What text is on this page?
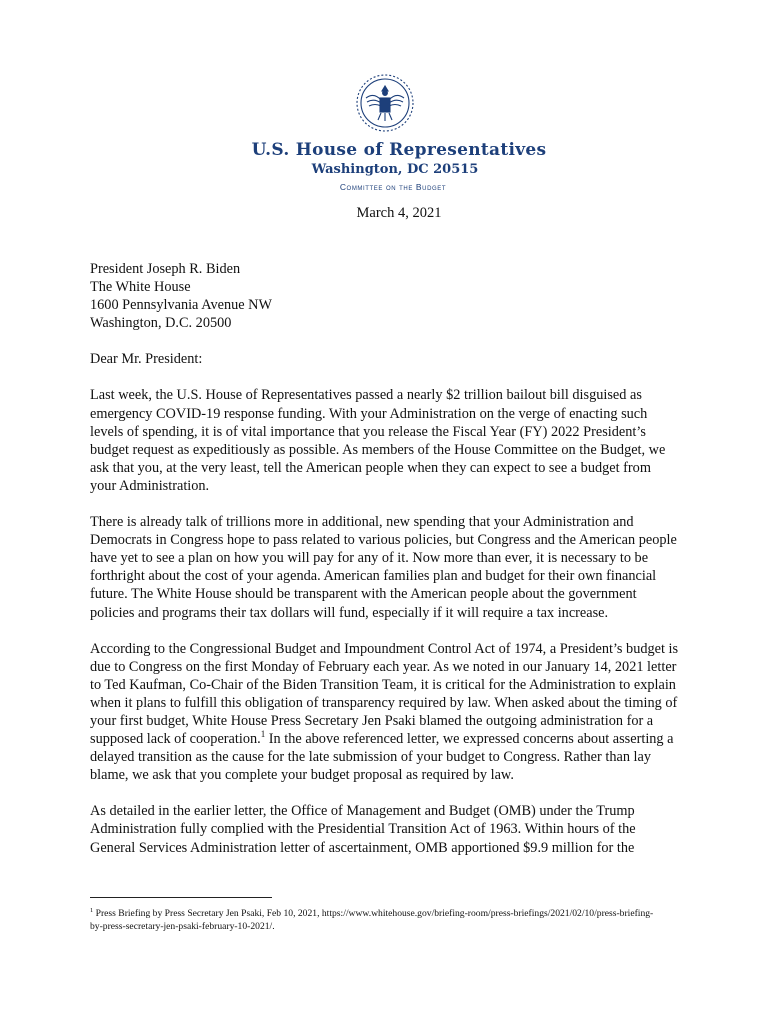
U.S. House of Representatives
Washington, DC 20515
Committee on the Budget
March 4, 2021
President Joseph R. Biden
The White House
1600 Pennsylvania Avenue NW
Washington, D.C. 20500
Dear Mr. President:

Last week, the U.S. House of Representatives passed a nearly $2 trillion bailout bill disguised as emergency COVID-19 response funding. With your Administration on the verge of enacting such levels of spending, it is of vital importance that you release the Fiscal Year (FY) 2022 President’s budget request as expeditiously as possible. As members of the House Committee on the Budget, we ask that you, at the very least, tell the American people when they can expect to see a budget from your Administration.

There is already talk of trillions more in additional, new spending that your Administration and Democrats in Congress hope to pass related to various policies, but Congress and the American people have yet to see a plan on how you will pay for any of it. Now more than ever, it is necessary to be forthright about the cost of your agenda. American families plan and budget for their own financial future. The White House should be transparent with the American people about the government policies and programs their tax dollars will fund, especially if it will require a tax increase.

According to the Congressional Budget and Impoundment Control Act of 1974, a President’s budget is due to Congress on the first Monday of February each year. As we noted in our January 14, 2021 letter to Ted Kaufman, Co-Chair of the Biden Transition Team, it is critical for the Administration to explain when it plans to fulfill this obligation of transparency required by law. When asked about the timing of your first budget, White House Press Secretary Jen Psaki blamed the outgoing administration for a supposed lack of cooperation.$^1$ In the above referenced letter, we expressed concerns about asserting a delayed transition as the cause for the late submission of your budget to Congress. Rather than lay blame, we ask that you complete your budget proposal as required by law.

As detailed in the earlier letter, the Office of Management and Budget (OMB) under the Trump Administration fully complied with the Presidential Transition Act of 1963. Within hours of the General Services Administration letter of ascertainment, OMB apportioned $9.9 million for the

$^1$ Press Briefing by Press Secretary Jen Psaki, Feb 10, 2021, https://www.whitehouse.gov/briefing-room/press-briefings/2021/02/10/press-briefing-by-press-secretary-jen-psaki-february-10-2021/.
